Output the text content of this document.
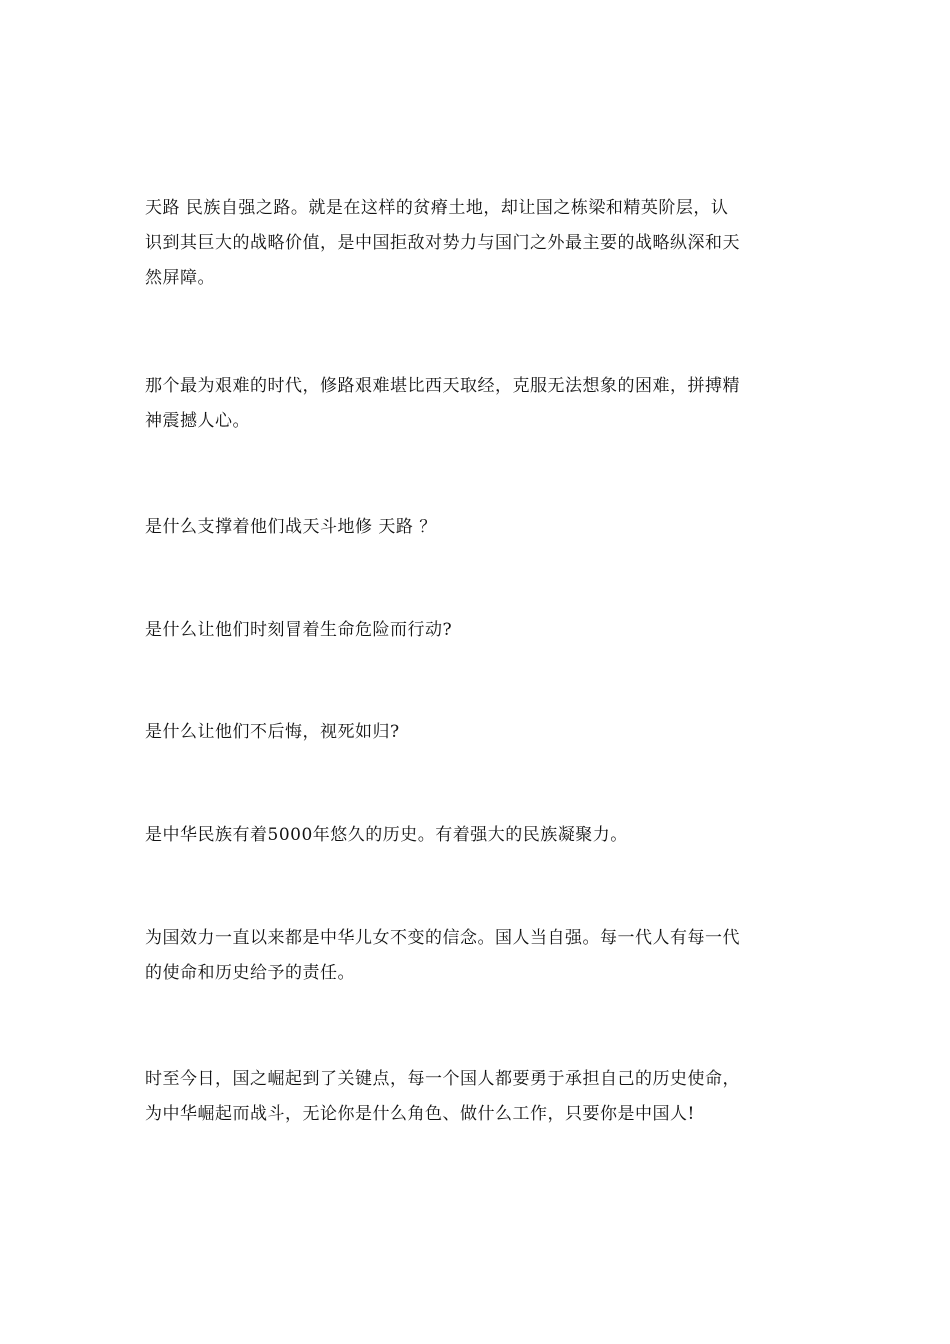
天路 民族自强之路。就是在这样的贫瘠土地，却让国之栋梁和精英阶层，认
识到其巨大的战略价值，是中国拒敌对势力与国门之外最主要的战略纵深和天
然屏障。

那个最为艰难的时代，修路艰难堪比西天取经，克服无法想象的困难，拼搏精
神震撼人心。

是什么支撑着他们战天斗地修 天路 ？

是什么让他们时刻冒着生命危险而行动?

是什么让他们不后悔，视死如归?

是中华民族有着5000年悠久的历史。有着强大的民族凝聚力。

为国效力一直以来都是中华儿女不变的信念。国人当自强。每一代人有每一代
的使命和历史给予的责任。

时至今日，国之崛起到了关键点，每一个国人都要勇于承担自己的历史使命，
为中华崛起而战斗，无论你是什么角色、做什么工作，只要你是中国人!
